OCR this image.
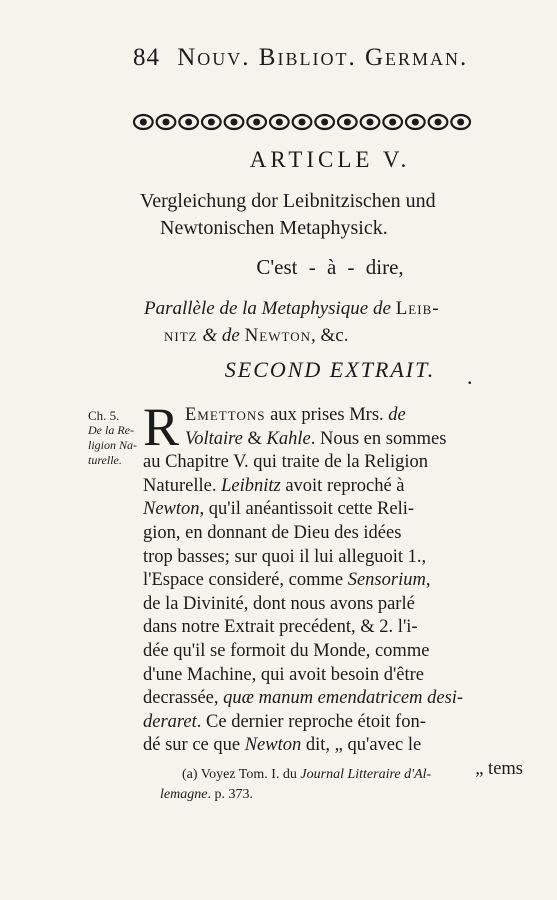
84 Nouv. Bibliot. German.
ARTICLE V.
Vergleichung dor Leibnitzischen und
Newtonischen Metaphysick.
C'est - à - dire,
Parallèle de la Metaphysique de Leib-
nitz & de Newton, &c.
SECOND EXTRAIT.	.
Ch. 5.
De la Re-
ligion Na-
turelle.
R Emettons aux prises Mrs. de
Voltaire & Kahle. Nous en sommes
au Chapitre V. qui traite de la Religion
Naturelle. Leibnitz avoit reproché à
Newton, qu'il anéantissoit cette Reli-
gion, en donnant de Dieu des idées
trop basses; sur quoi il lui alleguoit 1.,
l'Espace consideré, comme Sensorium,
de la Divinité, dont nous avons parlé
dans notre Extrait precédent, & 2. l'i-
dée qu'il se formoit du Monde, comme
d'une Machine, qui avoit besoin d'être
decrassée, quæ manum emendatricem desi-
deraret. Ce dernier reproche étoit fon-
dé sur ce que Newton dit, „ qu'avec le
„ tems
(a) Voyez Tom. I. du Journal Litteraire d'Al-
lemagne. p. 373.
